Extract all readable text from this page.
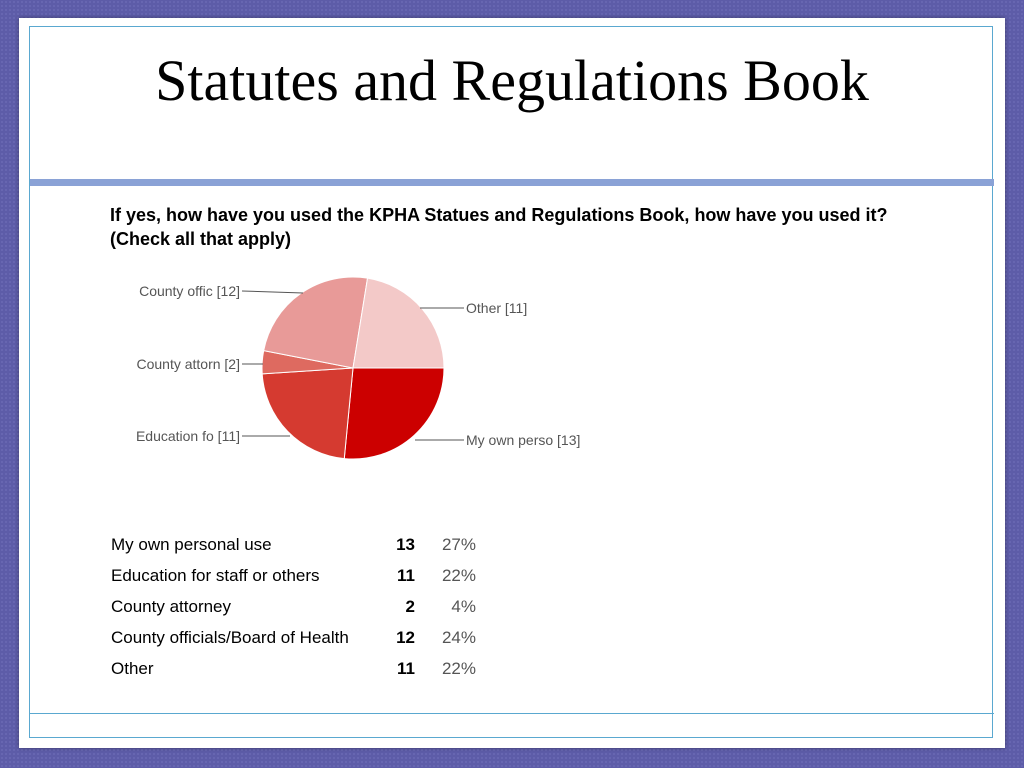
Statutes and Regulations Book
If yes, how have you used the KPHA Statues and Regulations Book, how have you used it? (Check all that apply)
My own perso [13]
Education fo [11]
County attorn [2]
County offic [12]
Other [11]
My own personal use	13	27%
Education for staff or others	11	22%
County attorney	2	4%
County officials/Board of Health	12	24%
Other	11	22%
